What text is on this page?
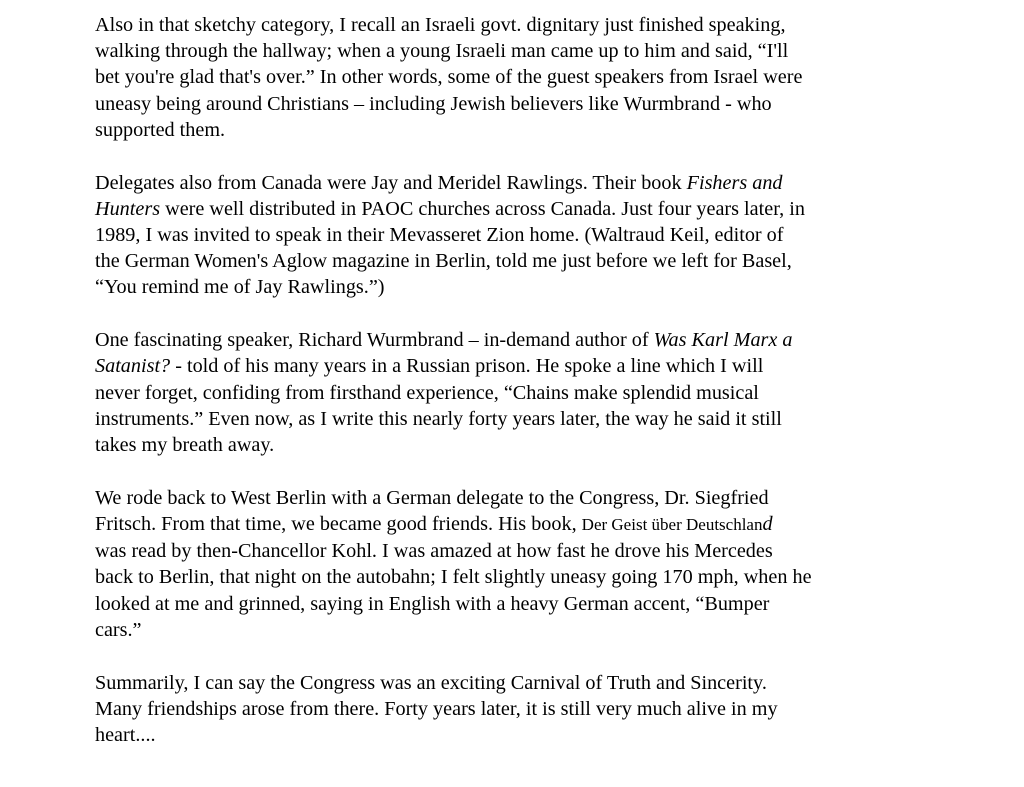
Also in that sketchy category, I recall an Israeli govt. dignitary just finished speaking,
walking through the hallway; when a young Israeli man came up to him and said, “I'll
bet you're glad that's over.” In other words, some of the guest speakers from Israel were
uneasy being around Christians – including Jewish believers like Wurmbrand - who
supported them.

Delegates also from Canada were Jay and Meridel Rawlings. Their book Fishers and
Hunters were well distributed in PAOC churches across Canada. Just four years later, in
1989, I was invited to speak in their Mevasseret Zion home. (Waltraud Keil, editor of
the German Women's Aglow magazine in Berlin, told me just before we left for Basel,
“You remind me of Jay Rawlings.”)

One fascinating speaker, Richard Wurmbrand – in-demand author of Was Karl Marx a
Satanist? - told of his many years in a Russian prison. He spoke a line which I will
never forget, confiding from firsthand experience, “Chains make splendid musical
instruments.” Even now, as I write this nearly forty years later, the way he said it still
takes my breath away.

We rode back to West Berlin with a German delegate to the Congress, Dr. Siegfried
Fritsch. From that time, we became good friends. His book, Der Geist über Deutschland
was read by then-Chancellor Kohl. I was amazed at how fast he drove his Mercedes
back to Berlin, that night on the autobahn; I felt slightly uneasy going 170 mph, when he
looked at me and grinned, saying in English with a heavy German accent, “Bumper
cars.”

Summarily, I can say the Congress was an exciting Carnival of Truth and Sincerity.
Many friendships arose from there. Forty years later, it is still very much alive in my
heart....
